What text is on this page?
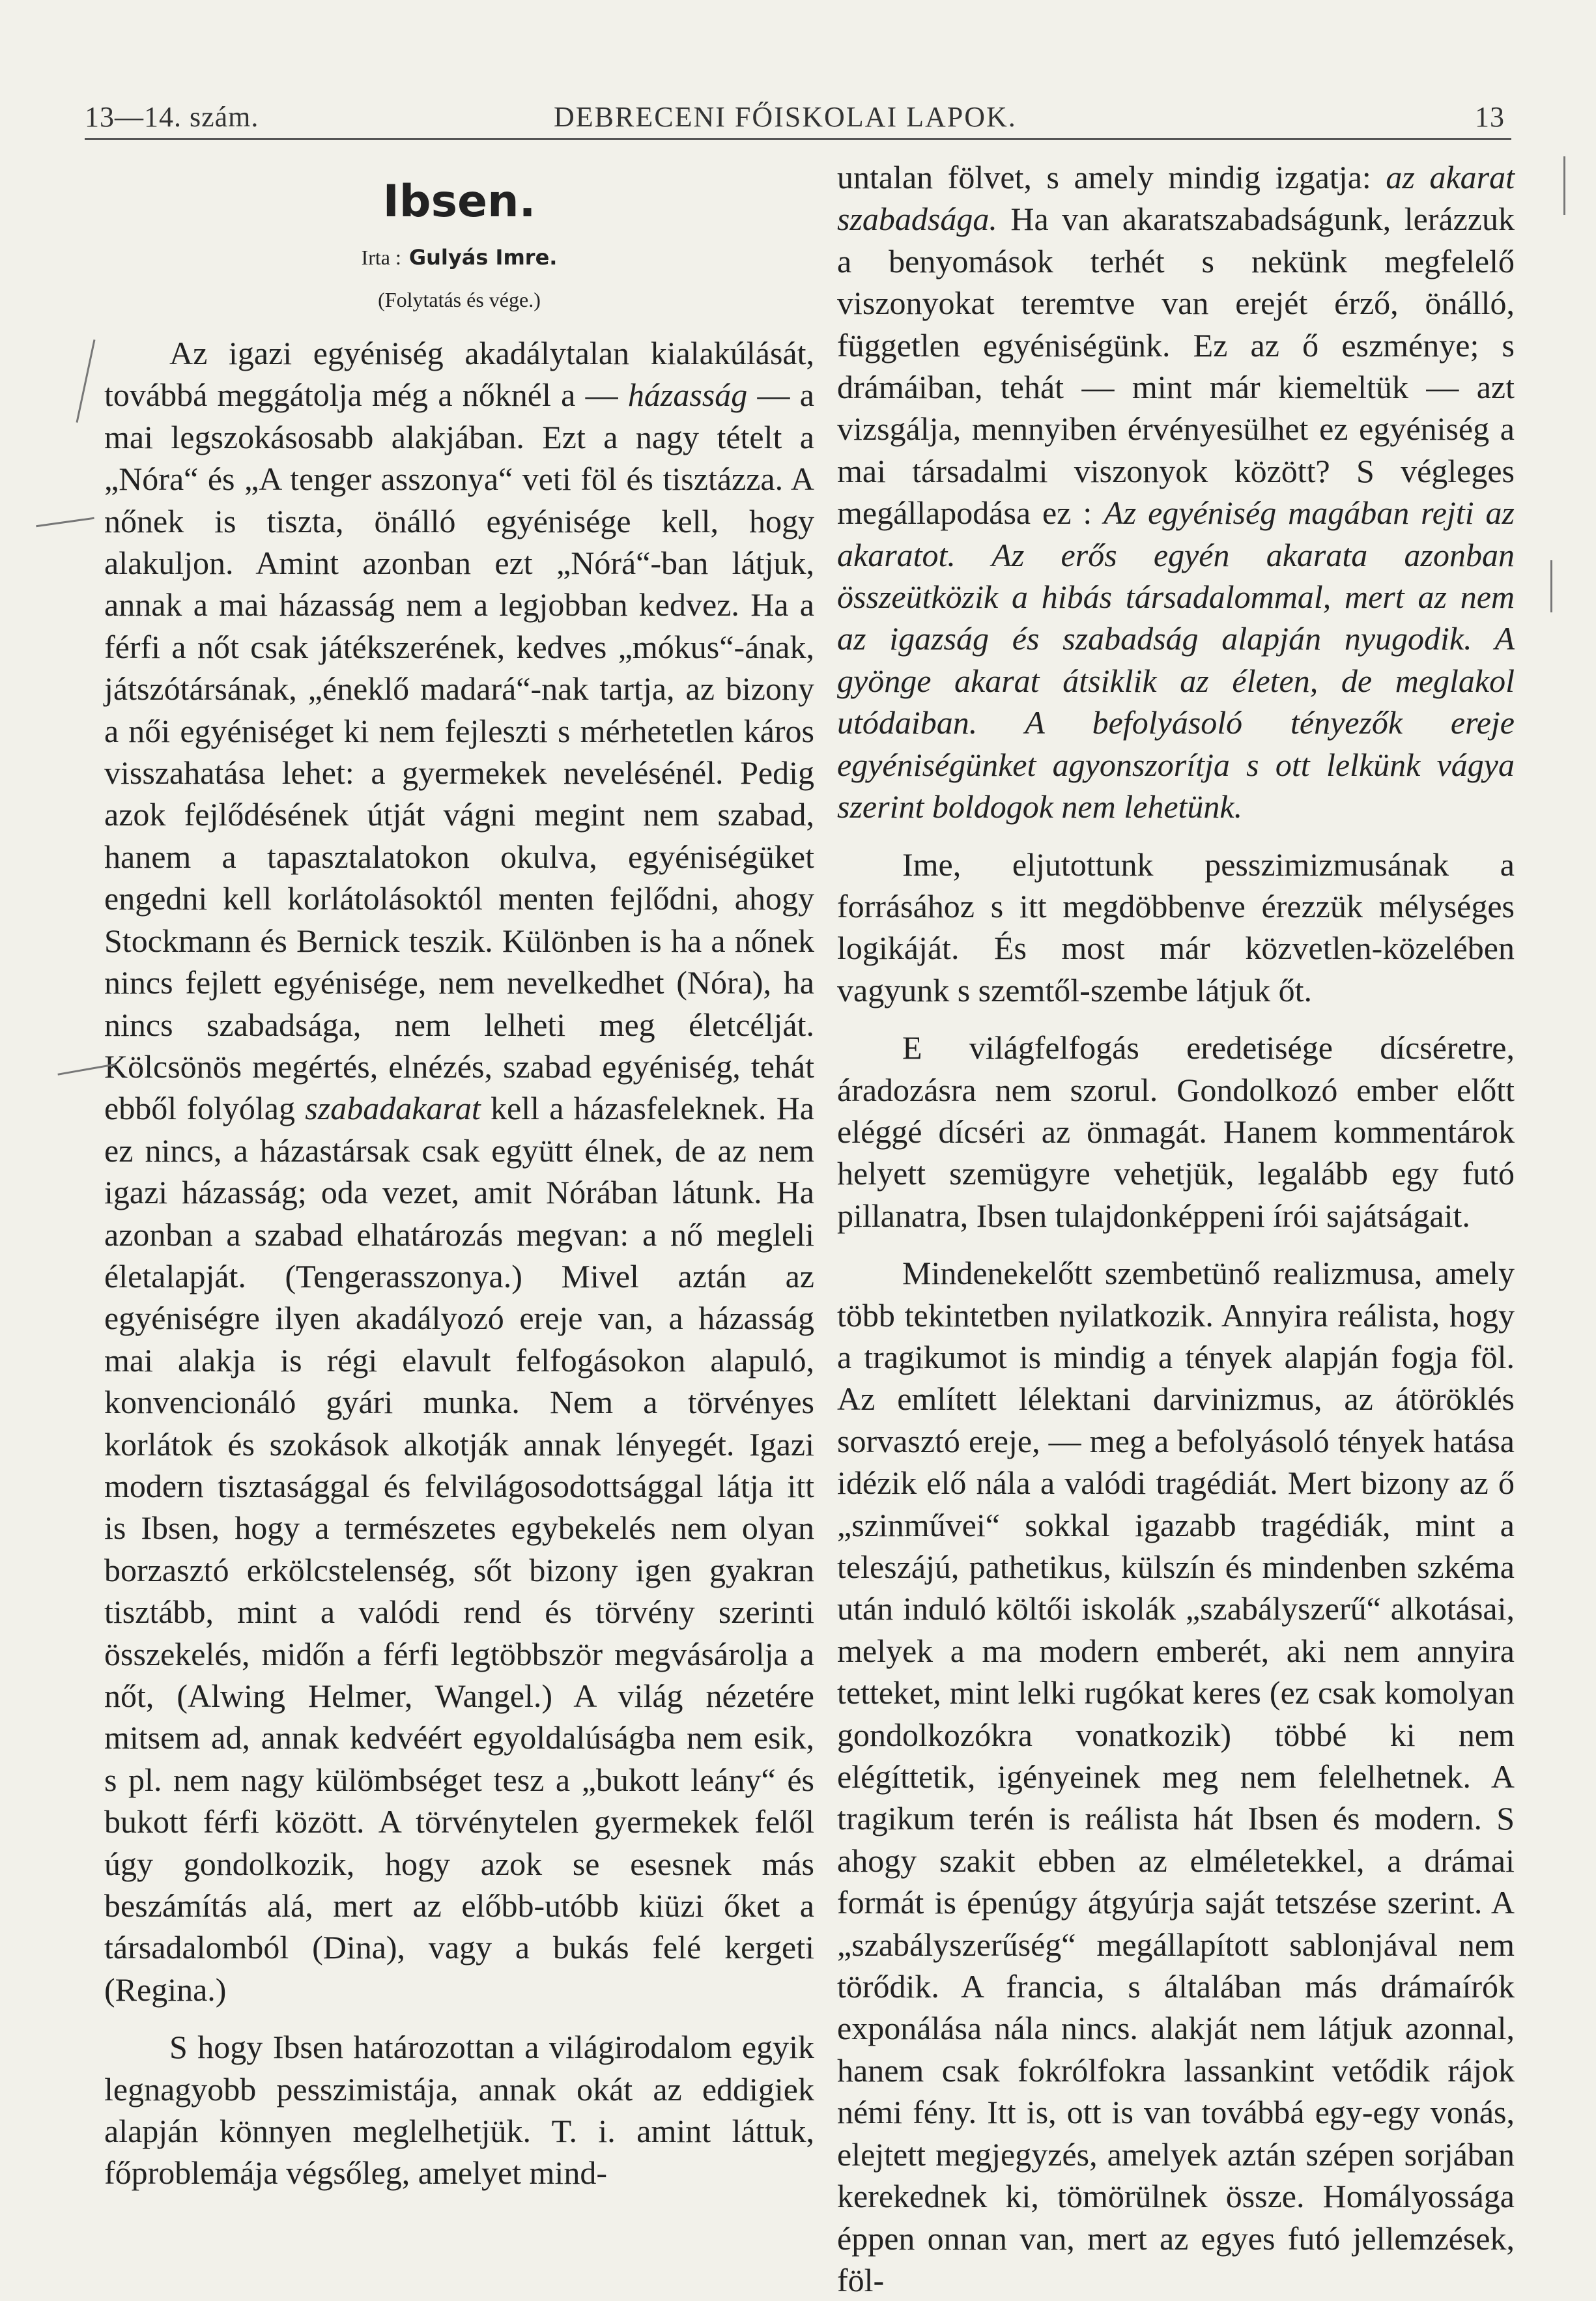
13—14. szám.	DEBRECENI FŐISKOLAI LAPOK.	13
Ibsen.
Irta : Gulyás Imre.
(Folytatás és vége.)

Az igazi egyéniség akadálytalan kialakúlását, továbbá meggátolja még a nőknél a — házasság — a mai legszokásosabb alakjában. Ezt a nagy tételt a „Nóra“ és „A tenger asszonya“ veti föl és tisztázza. A nőnek is tiszta, önálló egyénisége kell, hogy alakuljon. Amint azonban ezt „Nórá“-ban látjuk, annak a mai házasság nem a legjobban kedvez. Ha a férfi a nőt csak játékszerének, kedves „mókus“-ának, játszótársának, „éneklő madará“-nak tartja, az bizony a női egyéniséget ki nem fejleszti s mérhetetlen káros visszahatása lehet: a gyermekek nevelésénél. Pedig azok fejlődésének útját vágni megint nem szabad, hanem a tapasztalatokon okulva, egyéniségüket engedni kell korlátolásoktól menten fejlődni, ahogy Stockmann és Bernick teszik. Különben is ha a nőnek nincs fejlett egyénisége, nem nevelkedhet (Nóra), ha nincs szabadsága, nem lelheti meg életcélját. Kölcsönös megértés, elnézés, szabad egyéniség, tehát ebből folyólag szabadakarat kell a házasfeleknek. Ha ez nincs, a házastársak csak együtt élnek, de az nem igazi házasság; oda vezet, amit Nórában látunk. Ha azonban a szabad elhatározás megvan: a nő megleli életalapját. (Tengerasszonya.) Mivel aztán az egyéniségre ilyen akadályozó ereje van, a házasság mai alakja is régi elavult felfogásokon alapuló, konvencionáló gyári munka. Nem a törvényes korlátok és szokások alkotják annak lényegét. Igazi modern tisztasággal és felvilágosodottsággal látja itt is Ibsen, hogy a természetes egybekelés nem olyan borzasztó erkölcstelenség, sőt bizony igen gyakran tisztább, mint a valódi rend és törvény szerinti összekelés, midőn a férfi legtöbbször megvásárolja a nőt, (Alwing Helmer, Wangel.) A világ nézetére mitsem ad, annak kedvéért egyoldalúságba nem esik, s pl. nem nagy külömbséget tesz a „bukott leány“ és bukott férfi között. A törvénytelen gyermekek felől úgy gondolkozik, hogy azok se esesnek más beszámítás alá, mert az előbb-utóbb kiüzi őket a társadalomból (Dina), vagy a bukás felé kergeti (Regina.)

S hogy Ibsen határozottan a világirodalom egyik legnagyobb pesszimistája, annak okát az eddigiek alapján könnyen meglelhetjük. T. i. amint láttuk, főproblemája végsőleg, amelyet mind-

untalan fölvet, s amely mindig izgatja: az akarat szabadsága. Ha van akaratszabadságunk, lerázzuk a benyomások terhét s nekünk megfelelő viszonyokat teremtve van erejét érző, önálló, független egyéniségünk. Ez az ő eszménye; s drámáiban, tehát — mint már kiemeltük — azt vizsgálja, mennyiben érvényesülhet ez egyéniség a mai társadalmi viszonyok között? S végleges megállapodása ez : Az egyéniség magában rejti az akaratot. Az erős egyén akarata azonban összeütközik a hibás társadalommal, mert az nem az igazság és szabadság alapján nyugodik. A gyönge akarat átsiklik az életen, de meglakol utódaiban. A befolyásoló tényezők ereje egyéniségünket agyonszorítja s ott lelkünk vágya szerint boldogok nem lehetünk.

Ime, eljutottunk pesszimizmusának a forrásához s itt megdöbbenve érezzük mélységes logikáját. És most már közvetlen-közelében vagyunk s szemtől-szembe látjuk őt.

E világfelfogás eredetisége dícséretre, áradozásra nem szorul. Gondolkozó ember előtt eléggé dícséri az önmagát. Hanem kommentárok helyett szemügyre vehetjük, legalább egy futó pillanatra, Ibsen tulajdonképpeni írói sajátságait.

Mindenekelőtt szembetünő realizmusa, amely több tekintetben nyilatkozik. Annyira reálista, hogy a tragikumot is mindig a tények alapján fogja föl. Az említett lélektani darvinizmus, az átöröklés sorvasztó ereje, — meg a befolyásoló tények hatása idézik elő nála a valódi tragédiát. Mert bizony az ő „szinművei“ sokkal igazabb tragédiák, mint a teleszájú, pathetikus, külszín és mindenben szkéma után induló költői iskolák „szabályszerű“ alkotásai, melyek a ma modern emberét, aki nem annyira tetteket, mint lelki rugókat keres (ez csak komolyan gondolkozókra vonatkozik) többé ki nem elégíttetik, igényeinek meg nem felelhetnek. A tragikum terén is reálista hát Ibsen és modern. S ahogy szakit ebben az elméletekkel, a drámai formát is épenúgy átgyúrja saját tetszése szerint. A „szabályszerűség“ megállapított sablonjával nem törődik. A francia, s általában más drámaírók exponálása nála nincs. alakját nem látjuk azonnal, hanem csak fokrólfokra lassankint vetődik rájok némi fény. Itt is, ott is van továbbá egy-egy vonás, elejtett megjegyzés, amelyek aztán szépen sorjában kerekednek ki, tömörülnek össze. Homályossága éppen onnan van, mert az egyes futó jellemzések, föl-
